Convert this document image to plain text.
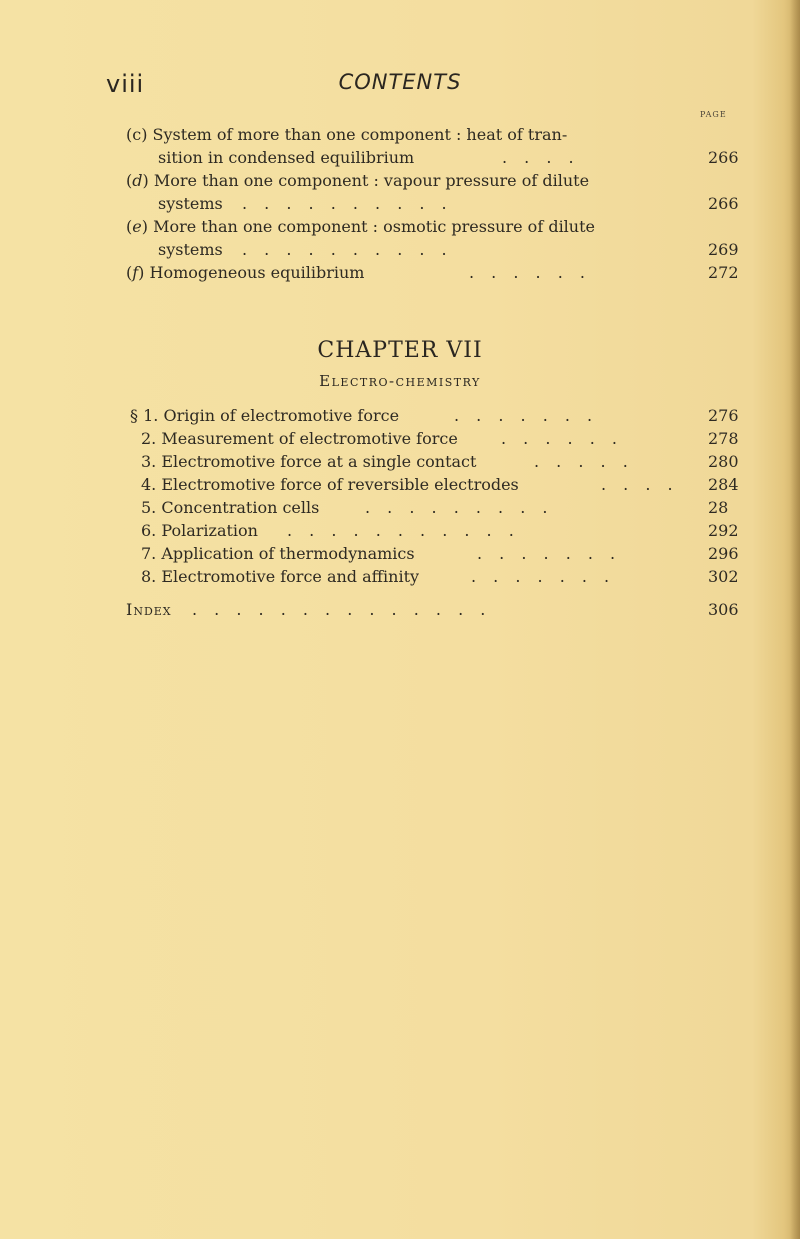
viii	CONTENTS
PAGE
(c) System of more than one component : heat of tran-
sition in condensed equilibrium	. . . .	266
(d) More than one component : vapour pressure of dilute
systems . . . . . . . . . .	266
(e) More than one component : osmotic pressure of dilute
systems . . . . . . . . . .	269
(f) Homogeneous equilibrium	. . . . . .	272
CHAPTER VII
Electro-chemistry
§ 1. Origin of electromotive force	. . . . . . .	276
2. Measurement of electromotive force	. . . . . .	278
3. Electromotive force at a single contact	. . . . .	280
4. Electromotive force of reversible electrodes	. . . . 284
5. Concentration cells	. . . . . . . . .	28
6. Polarization . . . . . . . . . . .	292
7. Application of thermodynamics	. . . . . . .	296
8. Electromotive force and affinity	. . . . . . .	302
Index . . . . . . . . . . . . . .	306
